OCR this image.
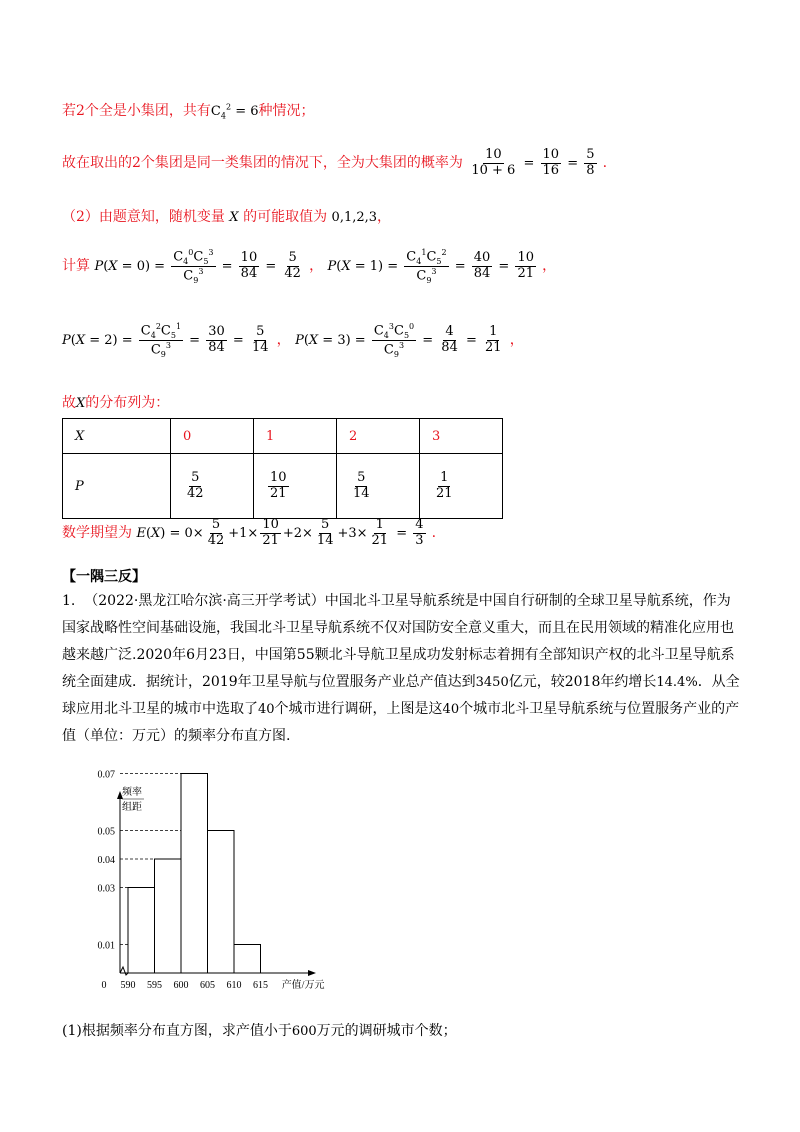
若2个全是小集团，共有$C_4^2 = 6$种情况；
故在取出的2个集团是同一类集团的情况下，全为大集团的概率为 $\frac{10}{10 + 6} = \frac{10}{16} = \frac{5}{8}$ .
（2）由题意知，随机变量 X 的可能取值为 0,1,2,3，
计算 $P(X = 0) = \frac{C_4^0C_5^3}{C_9^3} = \frac{10}{84} = \frac{5}{42}$ ， $P(X = 1) = \frac{C_4^1C_5^2}{C_9^3} = \frac{40}{84} = \frac{10}{21}$ ，
$P(X = 2) = \frac{C_4^2C_5^1}{C_9^3} = \frac{30}{84} = \frac{5}{14}$ ， $P(X = 3) = \frac{C_4^3C_5^0}{C_9^3} = \frac{4}{84} = \frac{1}{21}$ ，
故X的分布列为：
X	0	1	2	3
P	$\frac{5}{42}$	$\frac{10}{21}$	$\frac{5}{14}$	$\frac{1}{21}$
数学期望为 $E(X) = 0\times \frac{5}{42} +1\times \frac{10}{21} +2\times \frac{5}{14} +3\times \frac{1}{21} = \frac{4}{3}$ .
【一隅三反】
1. （2022·黑龙江哈尔滨·高三开学考试）中国北斗卫星导航系统是中国自行研制的全球卫星导航系统，作为国家战略性空间基础设施，我国北斗卫星导航系统不仅对国防安全意义重大，而且在民用领域的精准化应用也越来越广泛.2020年6月23日，中国第55颗北斗导航卫星成功发射标志着拥有全部知识产权的北斗卫星导航系统全面建成．据统计，2019年卫星导航与位置服务产业总产值达到3450亿元，较2018年约增长14.4%．从全球应用北斗卫星的城市中选取了40个城市进行调研，上图是这40个城市北斗卫星导航系统与位置服务产业的产值（单位：万元）的频率分布直方图.
0.01
0.03
0.04
0.05
0.07
590 595 600 605 610 615
0	产值/万元
频率
组距
(1)根据频率分布直方图，求产值小于600万元的调研城市个数；
